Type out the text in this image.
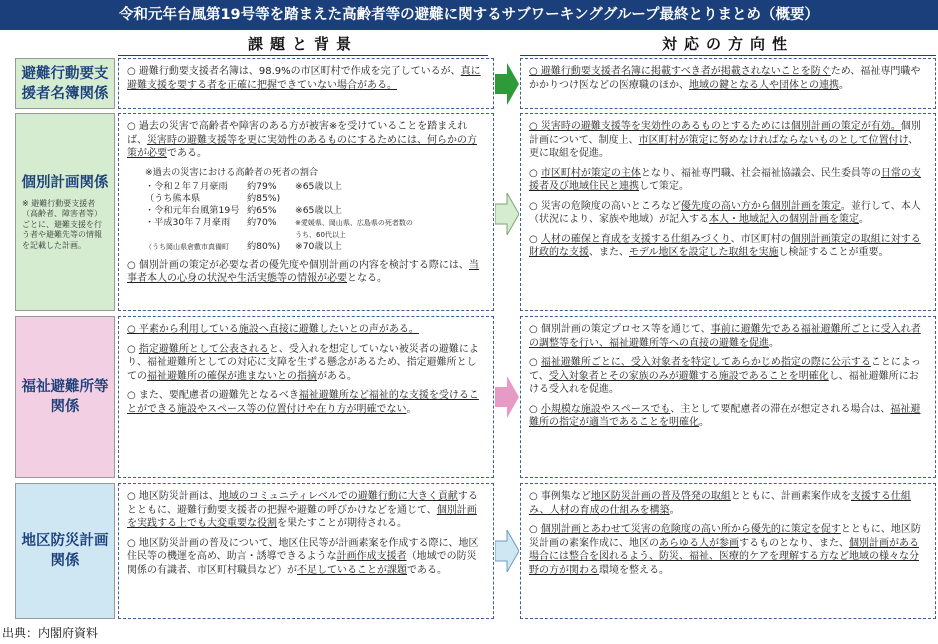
令和元年台風第19号等を踏まえた高齢者等の避難に関するサブワーキンググループ最終とりまとめ（概要）
課題と背景	対応の方向性
避難行動要支
援者名簿関係
○ 避難行動要支援者名簿は、98.9%の市区町村で作成を完了しているが、真に避難支援を要する者を正確に把握できていない場合がある。
○ 避難行動要支援者名簿に掲載すべき者が掲載されないことを防ぐため、福祉専門職やかかりつけ医などの医療職のほか、地域の鍵となる人や団体との連携。
個別計画関係
※ 避難行動要支援者（高齢者、障害者等）ごとに、避難支援を行う者や避難先等の情報を記載した計画。
○ 過去の災害で高齢者や障害のある方が被害※を受けていることを踏まえれば、災害時の避難支援等を更に実効性のあるものにするためには、何らかの方策が必要である。
※過去の災害における高齢者の死者の割合
・令和２年７月豪雨	約79%	※65歳以上
（うち熊本県	約85%)
・令和元年台風第19号 約65%	※65歳以上
・平成30年７月豪雨	約70%	※愛媛県、岡山県、広島県の死者数のうち、60代以上
（うち岡山県倉敷市真備町	約80%)	※70歳以上
○ 個別計画の策定が必要な者の優先度や個別計画の内容を検討する際には、当事者本人の心身の状況や生活実態等の情報が必要となる。
○ 災害時の避難支援等を実効性のあるものとするためには個別計画の策定が有効。個別計画について、制度上、市区町村が策定に努めなければならないものとして位置付け、更に取組を促進。
○ 市区町村が策定の主体となり、福祉専門職、社会福祉協議会、民生委員等の日常の支援者及び地域住民と連携して策定。
○ 災害の危険度の高いところなど優先度の高い方から個別計画を策定。並行して、本人（状況により、家族や地域）が記入する本人・地域記入の個別計画を策定。
○ 人材の確保と育成を支援する仕組みづくり、市区町村の個別計画策定の取組に対する財政的な支援、また、モデル地区を設定した取組を実施し検証することが重要。
福祉避難所等
関係
○ 平素から利用している施設へ直接に避難したいとの声がある。
○ 指定避難所として公表されると、受入れを想定していない被災者の避難により、福祉避難所としての対応に支障を生ずる懸念があるため、指定避難所としての福祉避難所の確保が進まないとの指摘がある。
○ また、要配慮者の避難先となるべき福祉避難所など福祉的な支援を受けることができる施設やスペース等の位置付けや在り方が明確でない。
○ 個別計画の策定プロセス等を通じて、事前に避難先である福祉避難所ごとに受入れ者の調整等を行い、福祉避難所等への直接の避難を促進。
○ 福祉避難所ごとに、受入対象者を特定してあらかじめ指定の際に公示することによって、受入対象者とその家族のみが避難する施設であることを明確化し、福祉避難所における受入れを促進。
○ 小規模な施設やスペースでも、主として要配慮者の滞在が想定される場合は、福祉避難所の指定が適当であることを明確化。
地区防災計画
関係
○ 地区防災計画は、地域のコミュニティレベルでの避難行動に大きく貢献するとともに、避難行動要支援者の把握や避難の呼びかけなどを通じて、個別計画を実践する上でも大変重要な役割を果たすことが期待される。
○ 地区防災計画の普及について、地区住民等が計画素案を作成する際に、地区住民等の機運を高め、助言・誘導できるような計画作成支援者（地域での防災関係の有識者、市区町村職員など）が不足していることが課題である。
○ 事例集など地区防災計画の普及啓発の取組とともに、計画素案作成を支援する仕組み、人材の育成の仕組みを構築。
○ 個別計画とあわせて災害の危険度の高い所から優先的に策定を促すとともに、地区防災計画の素案作成に、地区のあらゆる人が参画するものとなり、また、個別計画がある場合には整合を図れるよう、防災、福祉、医療的ケアを理解する方など地域の様々な分野の方が関わる環境を整える。
出典：内閣府資料
